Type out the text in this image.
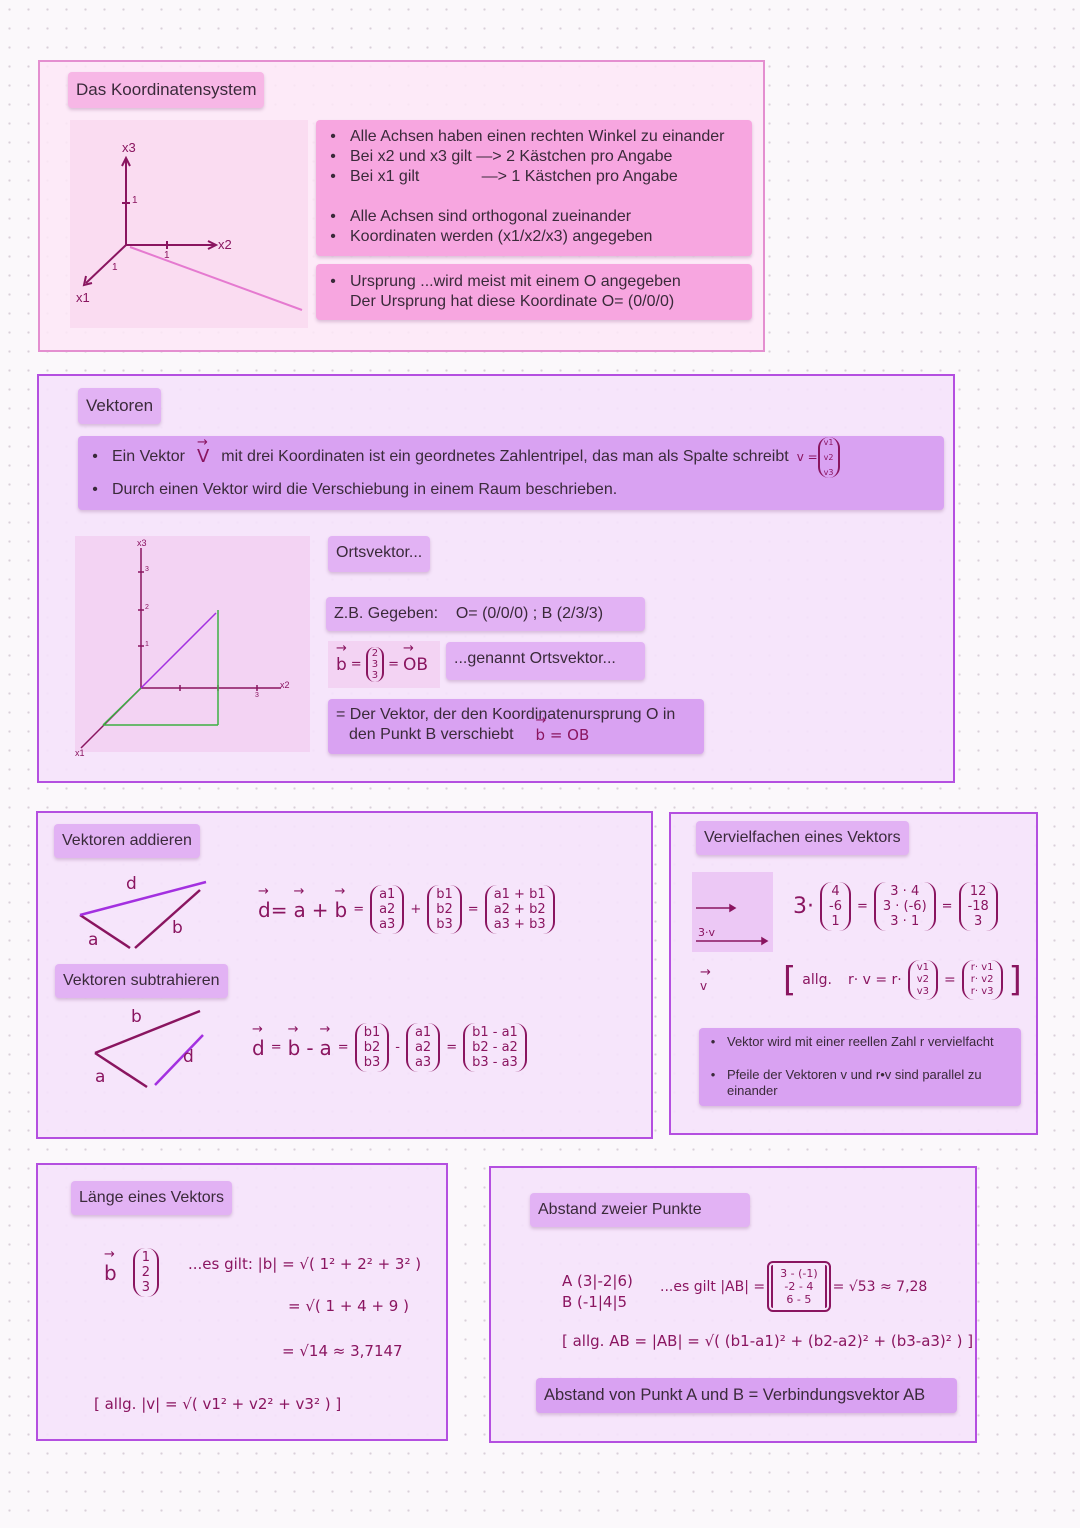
Das Koordinatensystem
x3
x2
x1
1
1
1
• Alle Achsen haben einen rechten Winkel zu einander
• Bei x2 und x3 gilt —> 2 Kästchen pro Angabe
• Bei x1 gilt              —> 1 Kästchen pro Angabe
• Alle Achsen sind orthogonal zueinander
• Koordinaten werden (x1/x2/x3) angegeben
• Ursprung ...wird meist mit einem O angegeben
Der Ursprung hat diese Koordinate O= (0/0/0)
Vektoren
• Ein Vektor → V mit drei Koordinaten ist ein geordnetes Zahlentripel, das man als Spalte schreibt v =
v1
v2
v3
• Durch einen Vektor wird die Verschiebung in einem Raum beschrieben.
x3
x2
x1
3
2
1
3
Ortsvektor...
Z.B. Gegeben:    O= (0/0/0) ; B (2/3/3)
→ b =
2
3
3
= → OB	...genannt Ortsvektor...
= Der Vektor, der den Koordinatenursprung O in
den Punkt B verschiebt → b = OB
Vektoren addieren
d
a
b
→ d= → a + → b =
a1
a2
a3
+
b1
b2
b3
=
a1 + b1
a2 + b2
a3 + b3
Vektoren subtrahieren
b
a
d	→ d = → b - → a =
b1
b2
b3
-
a1
a2
a3
=
b1 - a1
b2 - a2
b3 - a3
Vervielfachen eines Vektors
→ v
3·v
3·
4
-6
1
=
3 · 4
3 · (-6)
3 · 1
=
12
-18
3
[ allg. r· v = r·
v1
v2
v3
=
r· v1
r· v2
r· v3 ]
• Vektor wird mit einer reellen Zahl r vervielfacht
• Pfeile der Vektoren v und r•v sind parallel zu einander
Länge eines Vektors
→ b
1
2
3
...es gilt: |b| = √( 1² + 2² + 3² )
= √( 1 + 4 + 9 )
= √14 ≈ 3,7147
[ allg. |v| = √( v1² + v2² + v3² ) ]
Abstand zweier Punkte
A (3|-2|6)
B (-1|4|5
...es gilt |AB| =
3 - (-1)
-2 - 4
6 - 5
= √53 ≈ 7,28
[ allg. AB = |AB| = √( (b1-a1)² + (b2-a2)² + (b3-a3)² ) ]
Abstand von Punkt A und B = Verbindungsvektor AB
